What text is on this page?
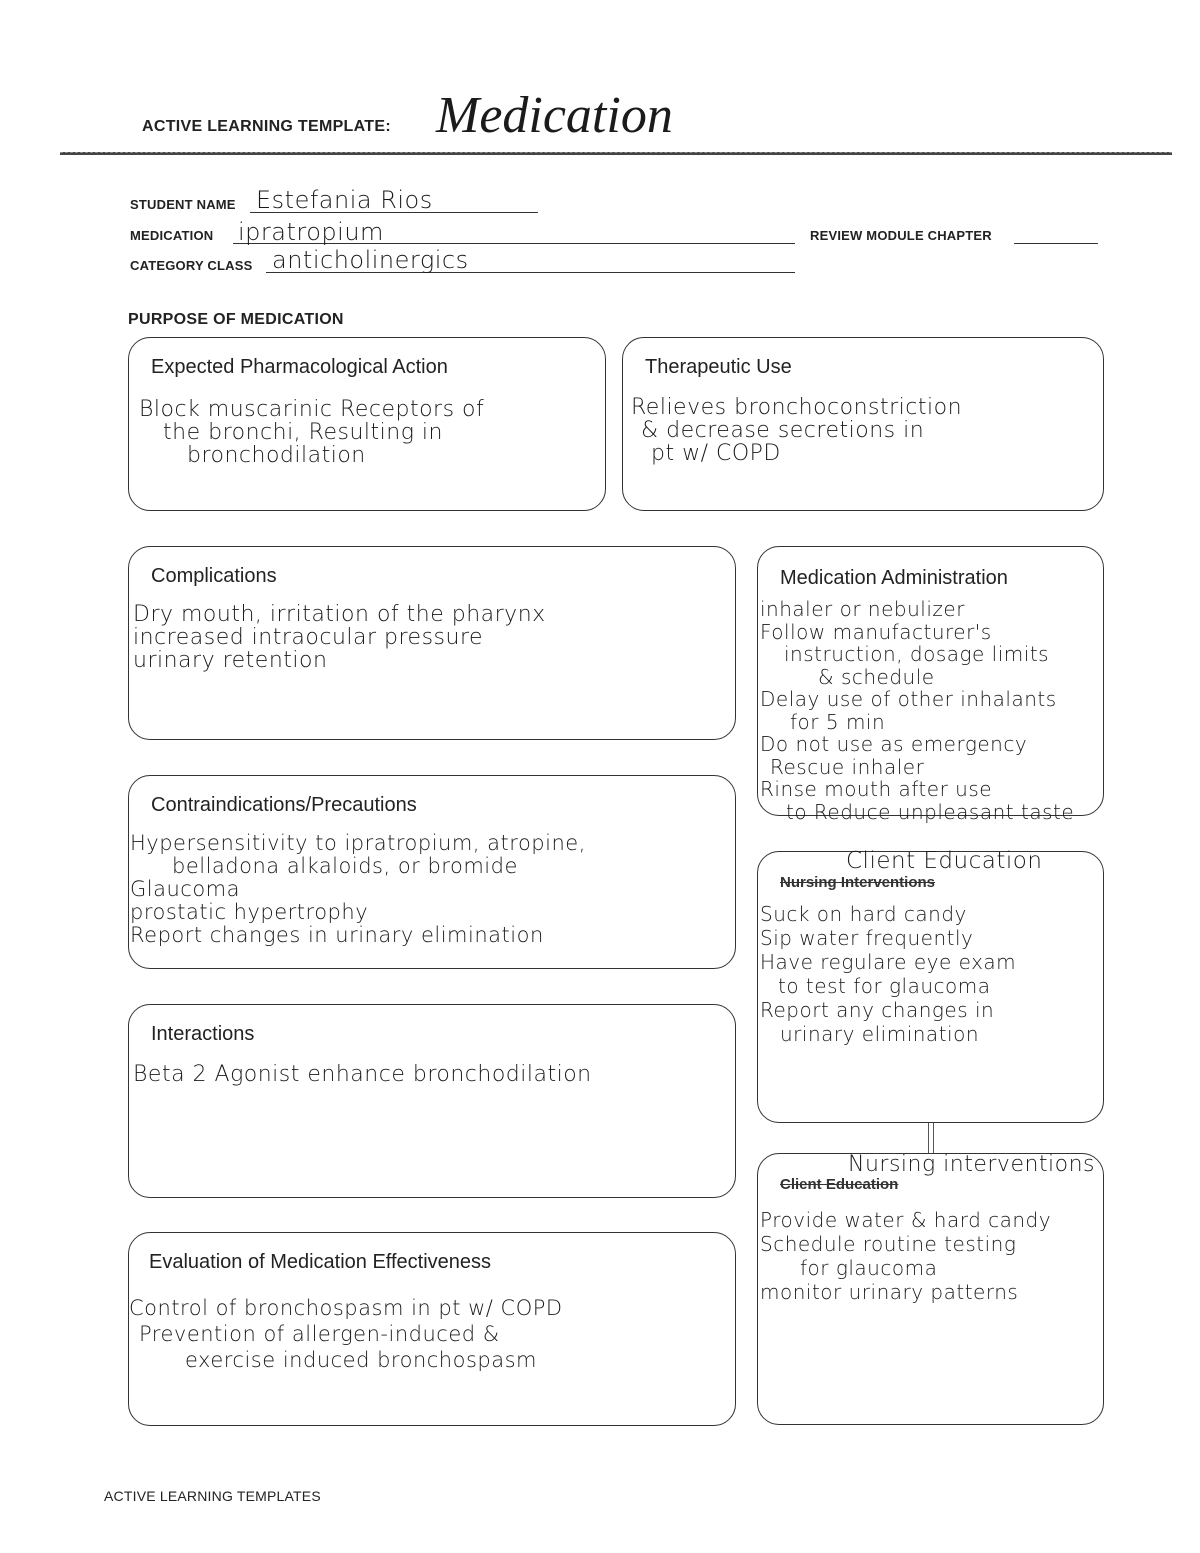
ACTIVE LEARNING TEMPLATE: Medication
STUDENT NAME Estefania Rios
MEDICATION ipratropium	REVIEW MODULE CHAPTER
CATEGORY CLASS anticholinergics
PURPOSE OF MEDICATION
Expected Pharmacological Action
Block muscarinic Receptors of
the bronchi, Resulting in
bronchodilation
Therapeutic Use
Relieves bronchoconstriction
& decrease secretions in
pt w/ COPD
Complications
Dry mouth, irritation of the pharynx
increased intraocular pressure
urinary retention
Medication Administration
inhaler or nebulizer
Follow manufacturer's
instruction, dosage limits
& schedule
Delay use of other inhalants
for 5 min
Do not use as emergency
Rescue inhaler
Rinse mouth after use
to Reduce unpleasant taste
Contraindications/Precautions
Hypersensitivity to ipratropium, atropine,
belladona alkaloids, or bromide
Glaucoma
prostatic hypertrophy
Report changes in urinary elimination
Nursing Interventions
Client Education
Suck on hard candy
Sip water frequently
Have regulare eye exam
to test for glaucoma
Report any changes in
urinary elimination
Interactions
Beta 2 Agonist enhance bronchodilation
Client Education
Nursing interventions
Provide water & hard candy
Schedule routine testing
for glaucoma
monitor urinary patterns
Evaluation of Medication Effectiveness
Control of bronchospasm in pt w/ COPD
Prevention of allergen-induced &
exercise induced bronchospasm
ACTIVE LEARNING TEMPLATES
